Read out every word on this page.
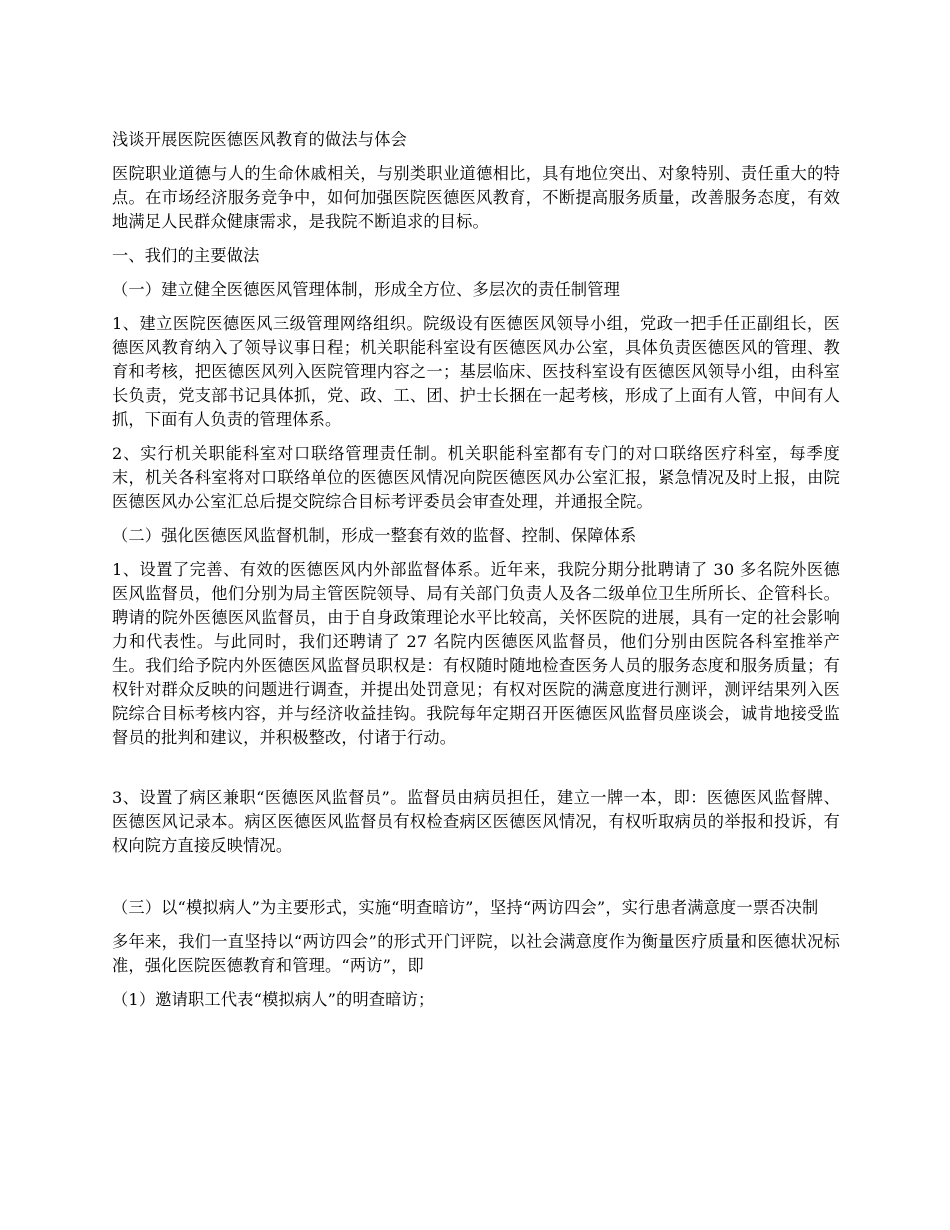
浅谈开展医院医德医风教育的做法与体会

医院职业道德与人的生命休戚相关，与别类职业道德相比，具有地位突出、对象特别、责任重大的特点。在市场经济服务竞争中，如何加强医院医德医风教育，不断提高服务质量，改善服务态度，有效地满足人民群众健康需求，是我院不断追求的目标。

一、我们的主要做法

（一）建立健全医德医风管理体制，形成全方位、多层次的责任制管理

1、建立医院医德医风三级管理网络组织。院级设有医德医风领导小组，党政一把手任正副组长，医德医风教育纳入了领导议事日程；机关职能科室设有医德医风办公室，具体负责医德医风的管理、教育和考核，把医德医风列入医院管理内容之一；基层临床、医技科室设有医德医风领导小组，由科室长负责，党支部书记具体抓，党、政、工、团、护士长捆在一起考核，形成了上面有人管，中间有人抓，下面有人负责的管理体系。

2、实行机关职能科室对口联络管理责任制。机关职能科室都有专门的对口联络医疗科室，每季度末，机关各科室将对口联络单位的医德医风情况向院医德医风办公室汇报，紧急情况及时上报，由院医德医风办公室汇总后提交院综合目标考评委员会审查处理，并通报全院。

（二）强化医德医风监督机制，形成一整套有效的监督、控制、保障体系

1、设置了完善、有效的医德医风内外部监督体系。近年来，我院分期分批聘请了 30 多名院外医德医风监督员，他们分别为局主管医院领导、局有关部门负责人及各二级单位卫生所所长、企管科长。聘请的院外医德医风监督员，由于自身政策理论水平比较高，关怀医院的进展，具有一定的社会影响力和代表性。与此同时，我们还聘请了 27 名院内医德医风监督员，他们分别由医院各科室推举产生。我们给予院内外医德医风监督员职权是：有权随时随地检查医务人员的服务态度和服务质量；有权针对群众反映的问题进行调查，并提出处罚意见；有权对医院的满意度进行测评，测评结果列入医院综合目标考核内容，并与经济收益挂钩。我院每年定期召开医德医风监督员座谈会，诚肯地接受监督员的批判和建议，并积极整改，付诸于行动。

3、设置了病区兼职“医德医风监督员”。监督员由病员担任，建立一牌一本，即：医德医风监督牌、医德医风记录本。病区医德医风监督员有权检查病区医德医风情况，有权听取病员的举报和投诉，有权向院方直接反映情况。

（三）以“模拟病人”为主要形式，实施“明查暗访”，坚持“两访四会”，实行患者满意度一票否决制

多年来，我们一直坚持以“两访四会”的形式开门评院，以社会满意度作为衡量医疗质量和医德状况标准，强化医院医德教育和管理。“两访”，即

（1）邀请职工代表“模拟病人”的明查暗访；
